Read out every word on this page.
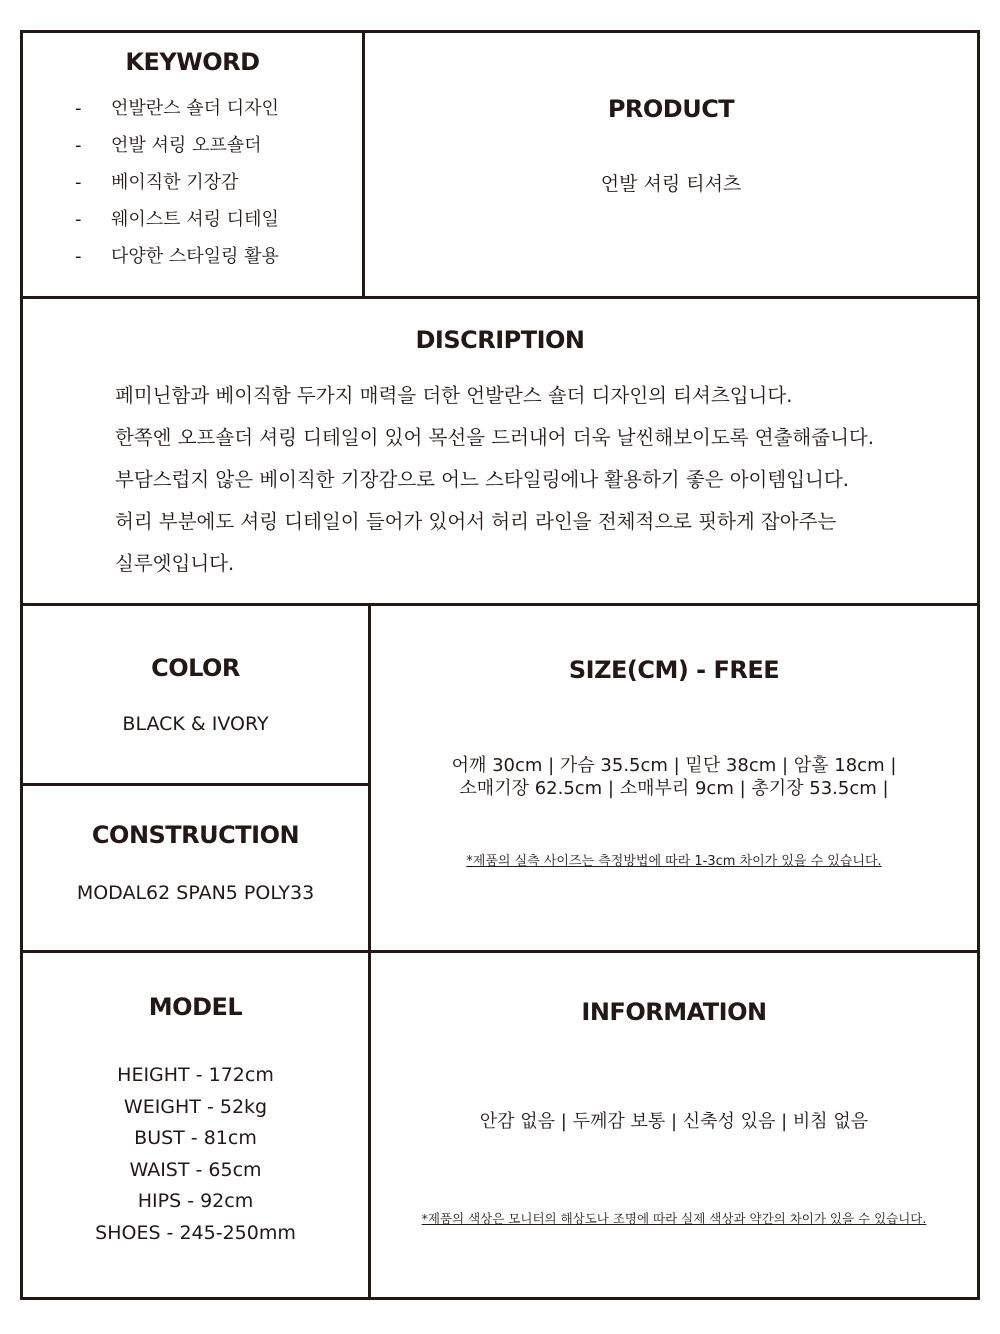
KEYWORD
- 언발란스 숄더 디자인
- 언발 셔링 오프숄더
- 베이직한 기장감
- 웨이스트 셔링 디테일
- 다양한 스타일링 활용
PRODUCT
언발 셔링 티셔츠
DISCRIPTION
페미닌함과 베이직함 두가지 매력을 더한 언발란스 숄더 디자인의 티셔츠입니다.
한쪽엔 오프숄더 셔링 디테일이 있어 목선을 드러내어 더욱 날씬해보이도록 연출해줍니다.
부담스럽지 않은 베이직한 기장감으로 어느 스타일링에나 활용하기 좋은 아이템입니다.
허리 부분에도 셔링 디테일이 들어가 있어서 허리 라인을 전체적으로 핏하게 잡아주는
실루엣입니다.
COLOR
BLACK & IVORY
CONSTRUCTION
MODAL62 SPAN5 POLY33
SIZE(CM) - FREE
어깨 30cm | 가슴 35.5cm | 밑단 38cm | 암홀 18cm |
소매기장 62.5cm | 소매부리 9cm | 총기장 53.5cm |
*제품의 실측 사이즈는 측정방법에 따라 1-3cm 차이가 있을 수 있습니다.
MODEL
HEIGHT - 172cm
WEIGHT - 52kg
BUST - 81cm
WAIST - 65cm
HIPS - 92cm
SHOES - 245-250mm
INFORMATION
안감 없음 | 두께감 보통 | 신축성 있음 | 비침 없음
*제품의 색상은 모니터의 해상도나 조명에 따라 실제 색상과 약간의 차이가 있을 수 있습니다.
